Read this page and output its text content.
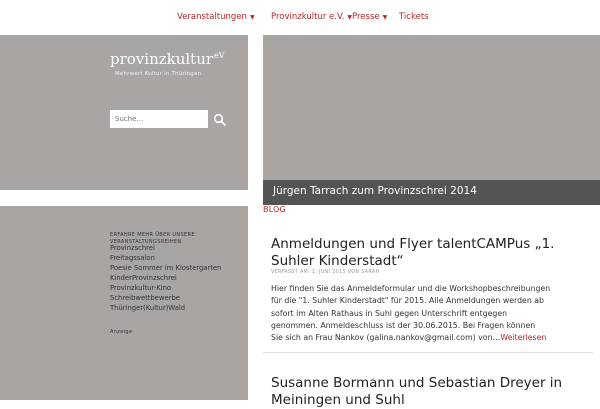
Veranstaltungen ▼ Provinzkultur e.V. ▼ Presse ▼ Tickets
provinzkultur$^{eV}$
Mehrwert Kultur in Thüringen
Suche...
ERFAHRE MEHR ÜBER UNSERE VERANSTALTUNGSREIHEN
Provinzschrei
Freitagssalon
Poesie Sommer im Klostergarten
KinderProvinzschrei
Provinzkultur-Kino
Schreibwettbewerbe
Thüringer(Kultur)Wald
Anzeige
Jürgen Tarrach zum Provinzschrei 2014
BLOG
Anmeldungen und Flyer talentCAMPus „1.
Suhler Kinderstadt“
VERFASST AM: 1. JUNI 2015 VON SARAH
Hier finden Sie das Anmeldeformular und die Workshopbeschreibungen
für die "1. Suhler Kinderstadt" für 2015. Alle Anmeldungen werden ab
sofort im Alten Rathaus in Suhl gegen Unterschrift entgegen
genommen. Anmeldeschluss ist der 30.06.2015. Bei Fragen können
Sie sich an Frau Nankov (galina.nankov@gmail.com) von…Weiterlesen
Susanne Bormann und Sebastian Dreyer in
Meiningen und Suhl
